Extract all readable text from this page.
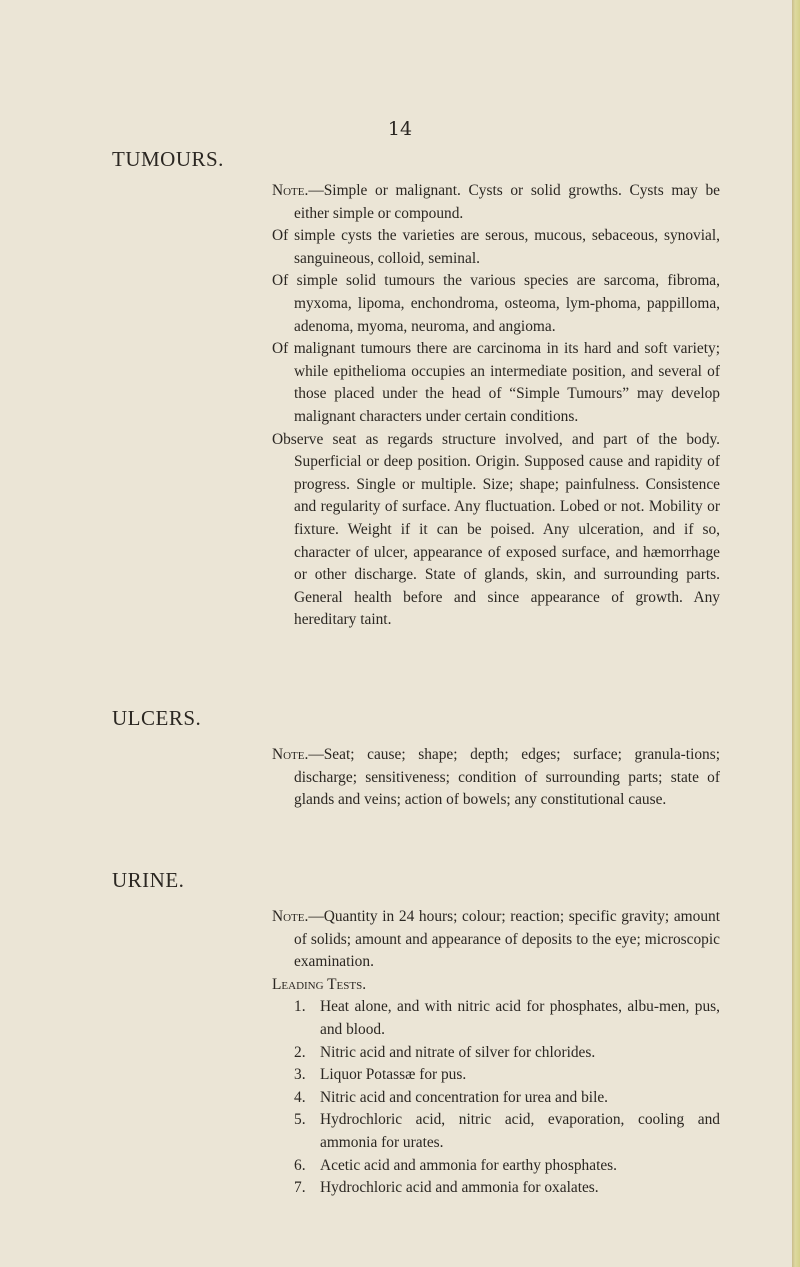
14
TUMOURS.

Note.—Simple or malignant. Cysts or solid growths. Cysts may be either simple or compound.

Of simple cysts the varieties are serous, mucous, sebaceous, synovial, sanguineous, colloid, seminal.

Of simple solid tumours the various species are sarcoma, fibroma, myxoma, lipoma, enchondroma, osteoma, lym-phoma, pappilloma, adenoma, myoma, neuroma, and angioma.

Of malignant tumours there are carcinoma in its hard and soft variety; while epithelioma occupies an intermediate position, and several of those placed under the head of “Simple Tumours” may develop malignant characters under certain conditions.

Observe seat as regards structure involved, and part of the body. Superficial or deep position. Origin. Supposed cause and rapidity of progress. Single or multiple. Size; shape; painfulness. Consistence and regularity of surface. Any fluctuation. Lobed or not. Mobility or fixture. Weight if it can be poised. Any ulceration, and if so, character of ulcer, appearance of exposed surface, and hæmorrhage or other discharge. State of glands, skin, and surrounding parts. General health before and since appearance of growth. Any hereditary taint.

ULCERS.

Note.—Seat; cause; shape; depth; edges; surface; granula-tions; discharge; sensitiveness; condition of surrounding parts; state of glands and veins; action of bowels; any constitutional cause.

URINE.

Note.—Quantity in 24 hours; colour; reaction; specific gravity; amount of solids; amount and appearance of deposits to the eye; microscopic examination.

Leading Tests.

1. Heat alone, and with nitric acid for phosphates, albu-men, pus, and blood.
2. Nitric acid and nitrate of silver for chlorides.
3. Liquor Potassæ for pus.
4. Nitric acid and concentration for urea and bile.
5. Hydrochloric acid, nitric acid, evaporation, cooling and ammonia for urates.
6. Acetic acid and ammonia for earthy phosphates.
7. Hydrochloric acid and ammonia for oxalates.
